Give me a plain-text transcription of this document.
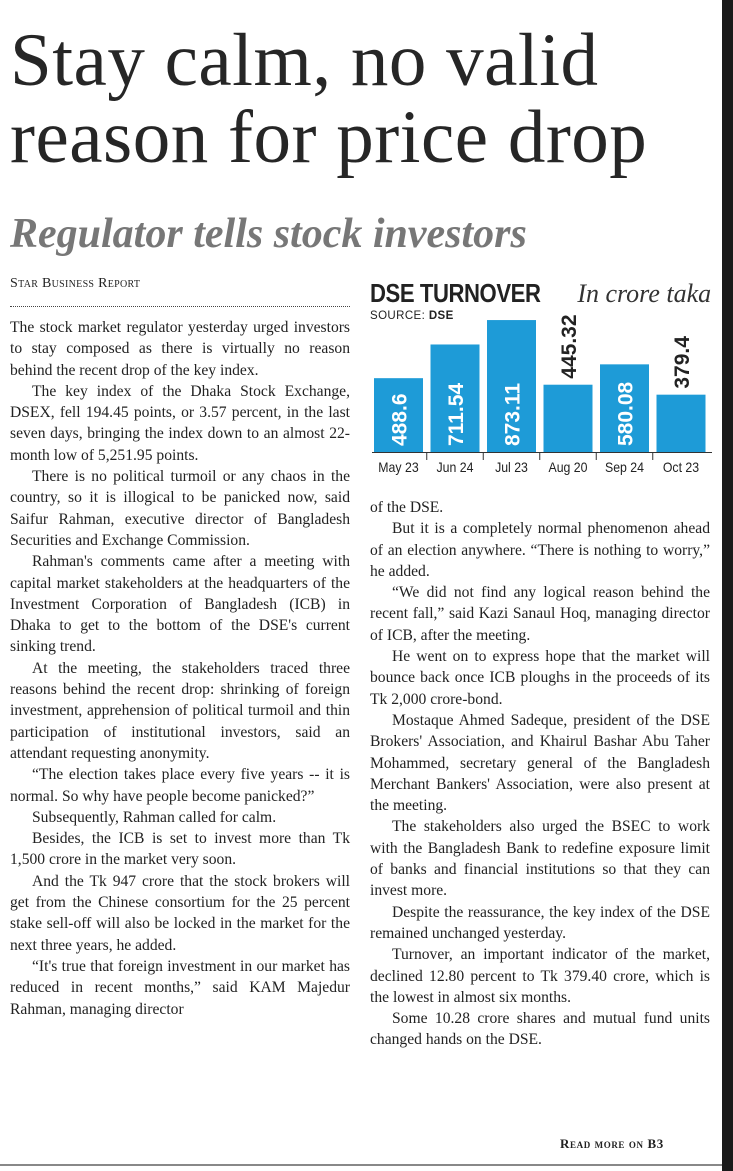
Stay calm, no valid
reason for price drop
Regulator tells stock investors
Star Business Report

The stock market regulator yesterday urged investors to stay composed as there is virtually no reason behind the recent drop of the key index.

The key index of the Dhaka Stock Exchange, DSEX, fell 194.45 points, or 3.57 percent, in the last seven days, bringing the index down to an almost 22-month low of 5,251.95 points.

There is no political turmoil or any chaos in the country, so it is illogical to be panicked now, said Saifur Rahman, executive director of Bangladesh Securities and Exchange Commission.

Rahman's comments came after a meeting with capital market stakeholders at the headquarters of the Investment Corporation of Bangladesh (ICB) in Dhaka to get to the bottom of the DSE's current sinking trend.

At the meeting, the stakeholders traced three reasons behind the recent drop: shrinking of foreign investment, apprehension of political turmoil and thin participation of institutional investors, said an attendant requesting anonymity.

“The election takes place every five years -- it is normal. So why have people become panicked?”

Subsequently, Rahman called for calm.

Besides, the ICB is set to invest more than Tk 1,500 crore in the market very soon.

And the Tk 947 crore that the stock brokers will get from the Chinese consortium for the 25 percent stake sell-off will also be locked in the market for the next three years, he added.

“It's true that foreign investment in our market has reduced in recent months,” said KAM Majedur Rahman, managing director

DSE TURNOVER In crore taka
SOURCE: DSE
488.6
May 23
711.54
Jun 24
873.11
Jul 23
445.32
Aug 20
580.08
Sep 24
379.4
Oct 23

of the DSE.

But it is a completely normal phenomenon ahead of an election anywhere. “There is nothing to worry,” he added.

“We did not find any logical reason behind the recent fall,” said Kazi Sanaul Hoq, managing director of ICB, after the meeting.

He went on to express hope that the market will bounce back once ICB ploughs in the proceeds of its Tk 2,000 crore-bond.

Mostaque Ahmed Sadeque, president of the DSE Brokers' Association, and Khairul Bashar Abu Taher Mohammed, secretary general of the Bangladesh Merchant Bankers' Association, were also present at the meeting.

The stakeholders also urged the BSEC to work with the Bangladesh Bank to redefine exposure limit of banks and financial institutions so that they can invest more.

Despite the reassurance, the key index of the DSE remained unchanged yesterday.

Turnover, an important indicator of the market, declined 12.80 percent to Tk 379.40 crore, which is the lowest in almost six months.

Some 10.28 crore shares and mutual fund units changed hands on the DSE.

Read more on B3
